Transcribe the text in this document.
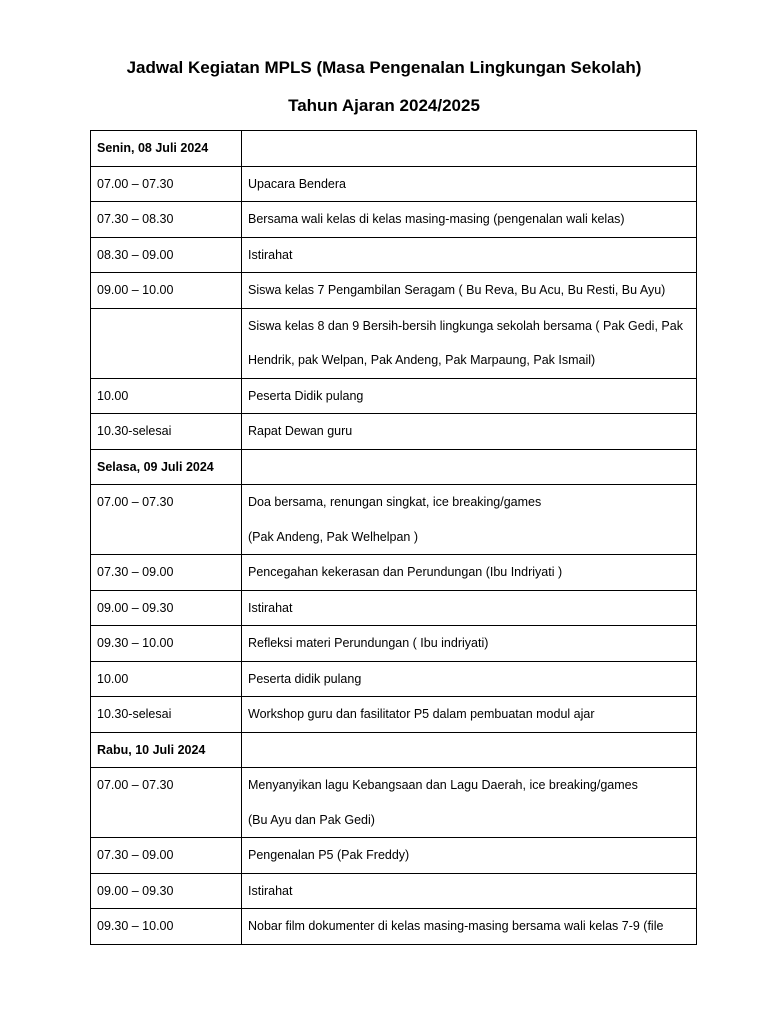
Jadwal Kegiatan MPLS (Masa Pengenalan Lingkungan Sekolah)
Tahun Ajaran 2024/2025
Senin, 08 Juli 2024	

07.00 – 07.30	Upacara Bendera

07.30 – 08.30	Bersama wali kelas di kelas masing-masing (pengenalan wali kelas)

08.30 – 09.00	Istirahat

09.00 – 10.00	Siswa kelas 7 Pengambilan Seragam ( Bu Reva, Bu Acu, Bu Resti, Bu Ayu)

	Siswa kelas 8 dan 9 Bersih-bersih lingkunga sekolah bersama ( Pak Gedi, Pak
Hendrik, pak Welpan, Pak Andeng, Pak Marpaung, Pak Ismail)

10.00	Peserta Didik pulang

10.30-selesai	Rapat Dewan guru

Selasa, 09 Juli 2024	

07.00 – 07.30	Doa bersama, renungan singkat, ice breaking/games
(Pak Andeng, Pak Welhelpan )

07.30 – 09.00	Pencegahan kekerasan dan Perundungan (Ibu Indriyati )

09.00 – 09.30	Istirahat

09.30 – 10.00	Refleksi materi Perundungan ( Ibu indriyati)

10.00	Peserta didik pulang

10.30-selesai	Workshop guru dan fasilitator P5 dalam pembuatan modul ajar

Rabu, 10 Juli 2024	

07.00 – 07.30	Menyanyikan lagu Kebangsaan dan Lagu Daerah, ice breaking/games
(Bu Ayu dan Pak Gedi)

07.30 – 09.00	Pengenalan P5 (Pak Freddy)

09.00 – 09.30	Istirahat

09.30 – 10.00	Nobar film dokumenter di kelas masing-masing bersama wali kelas 7-9 (file
